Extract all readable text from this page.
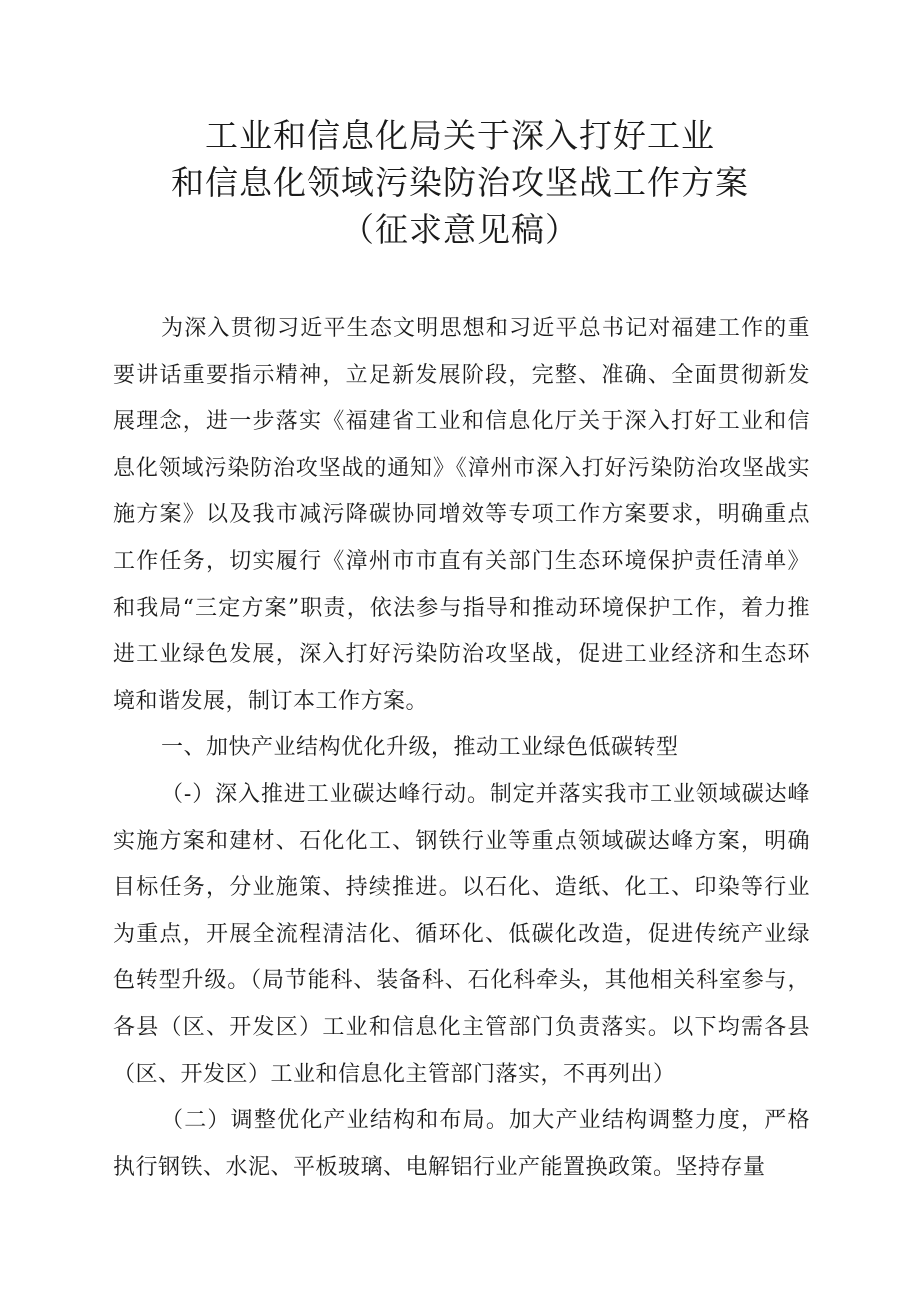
工业和信息化局关于深入打好工业
和信息化领域污染防治攻坚战工作方案
（征求意见稿）

为深入贯彻习近平生态文明思想和习近平总书记对福建工作的重要讲话重要指示精神，立足新发展阶段，完整、准确、全面贯彻新发展理念，进一步落实《福建省工业和信息化厅关于深入打好工业和信息化领域污染防治攻坚战的通知》《漳州市深入打好污染防治攻坚战实施方案》以及我市减污降碳协同增效等专项工作方案要求，明确重点工作任务，切实履行《漳州市市直有关部门生态环境保护责任清单》和我局“三定方案”职责，依法参与指导和推动环境保护工作，着力推进工业绿色发展，深入打好污染防治攻坚战，促进工业经济和生态环境和谐发展，制订本工作方案。

一、加快产业结构优化升级，推动工业绿色低碳转型

（-）深入推进工业碳达峰行动。制定并落实我市工业领域碳达峰实施方案和建材、石化化工、钢铁行业等重点领域碳达峰方案，明确目标任务，分业施策、持续推进。以石化、造纸、化工、印染等行业为重点，开展全流程清洁化、循环化、低碳化改造，促进传统产业绿色转型升级。（局节能科、装备科、石化科牵头，其他相关科室参与，各县（区、开发区）工业和信息化主管部门负责落实。以下均需各县（区、开发区）工业和信息化主管部门落实，不再列出）

（二）调整优化产业结构和布局。加大产业结构调整力度，严格执行钢铁、水泥、平板玻璃、电解铝行业产能置换政策。坚持存量
